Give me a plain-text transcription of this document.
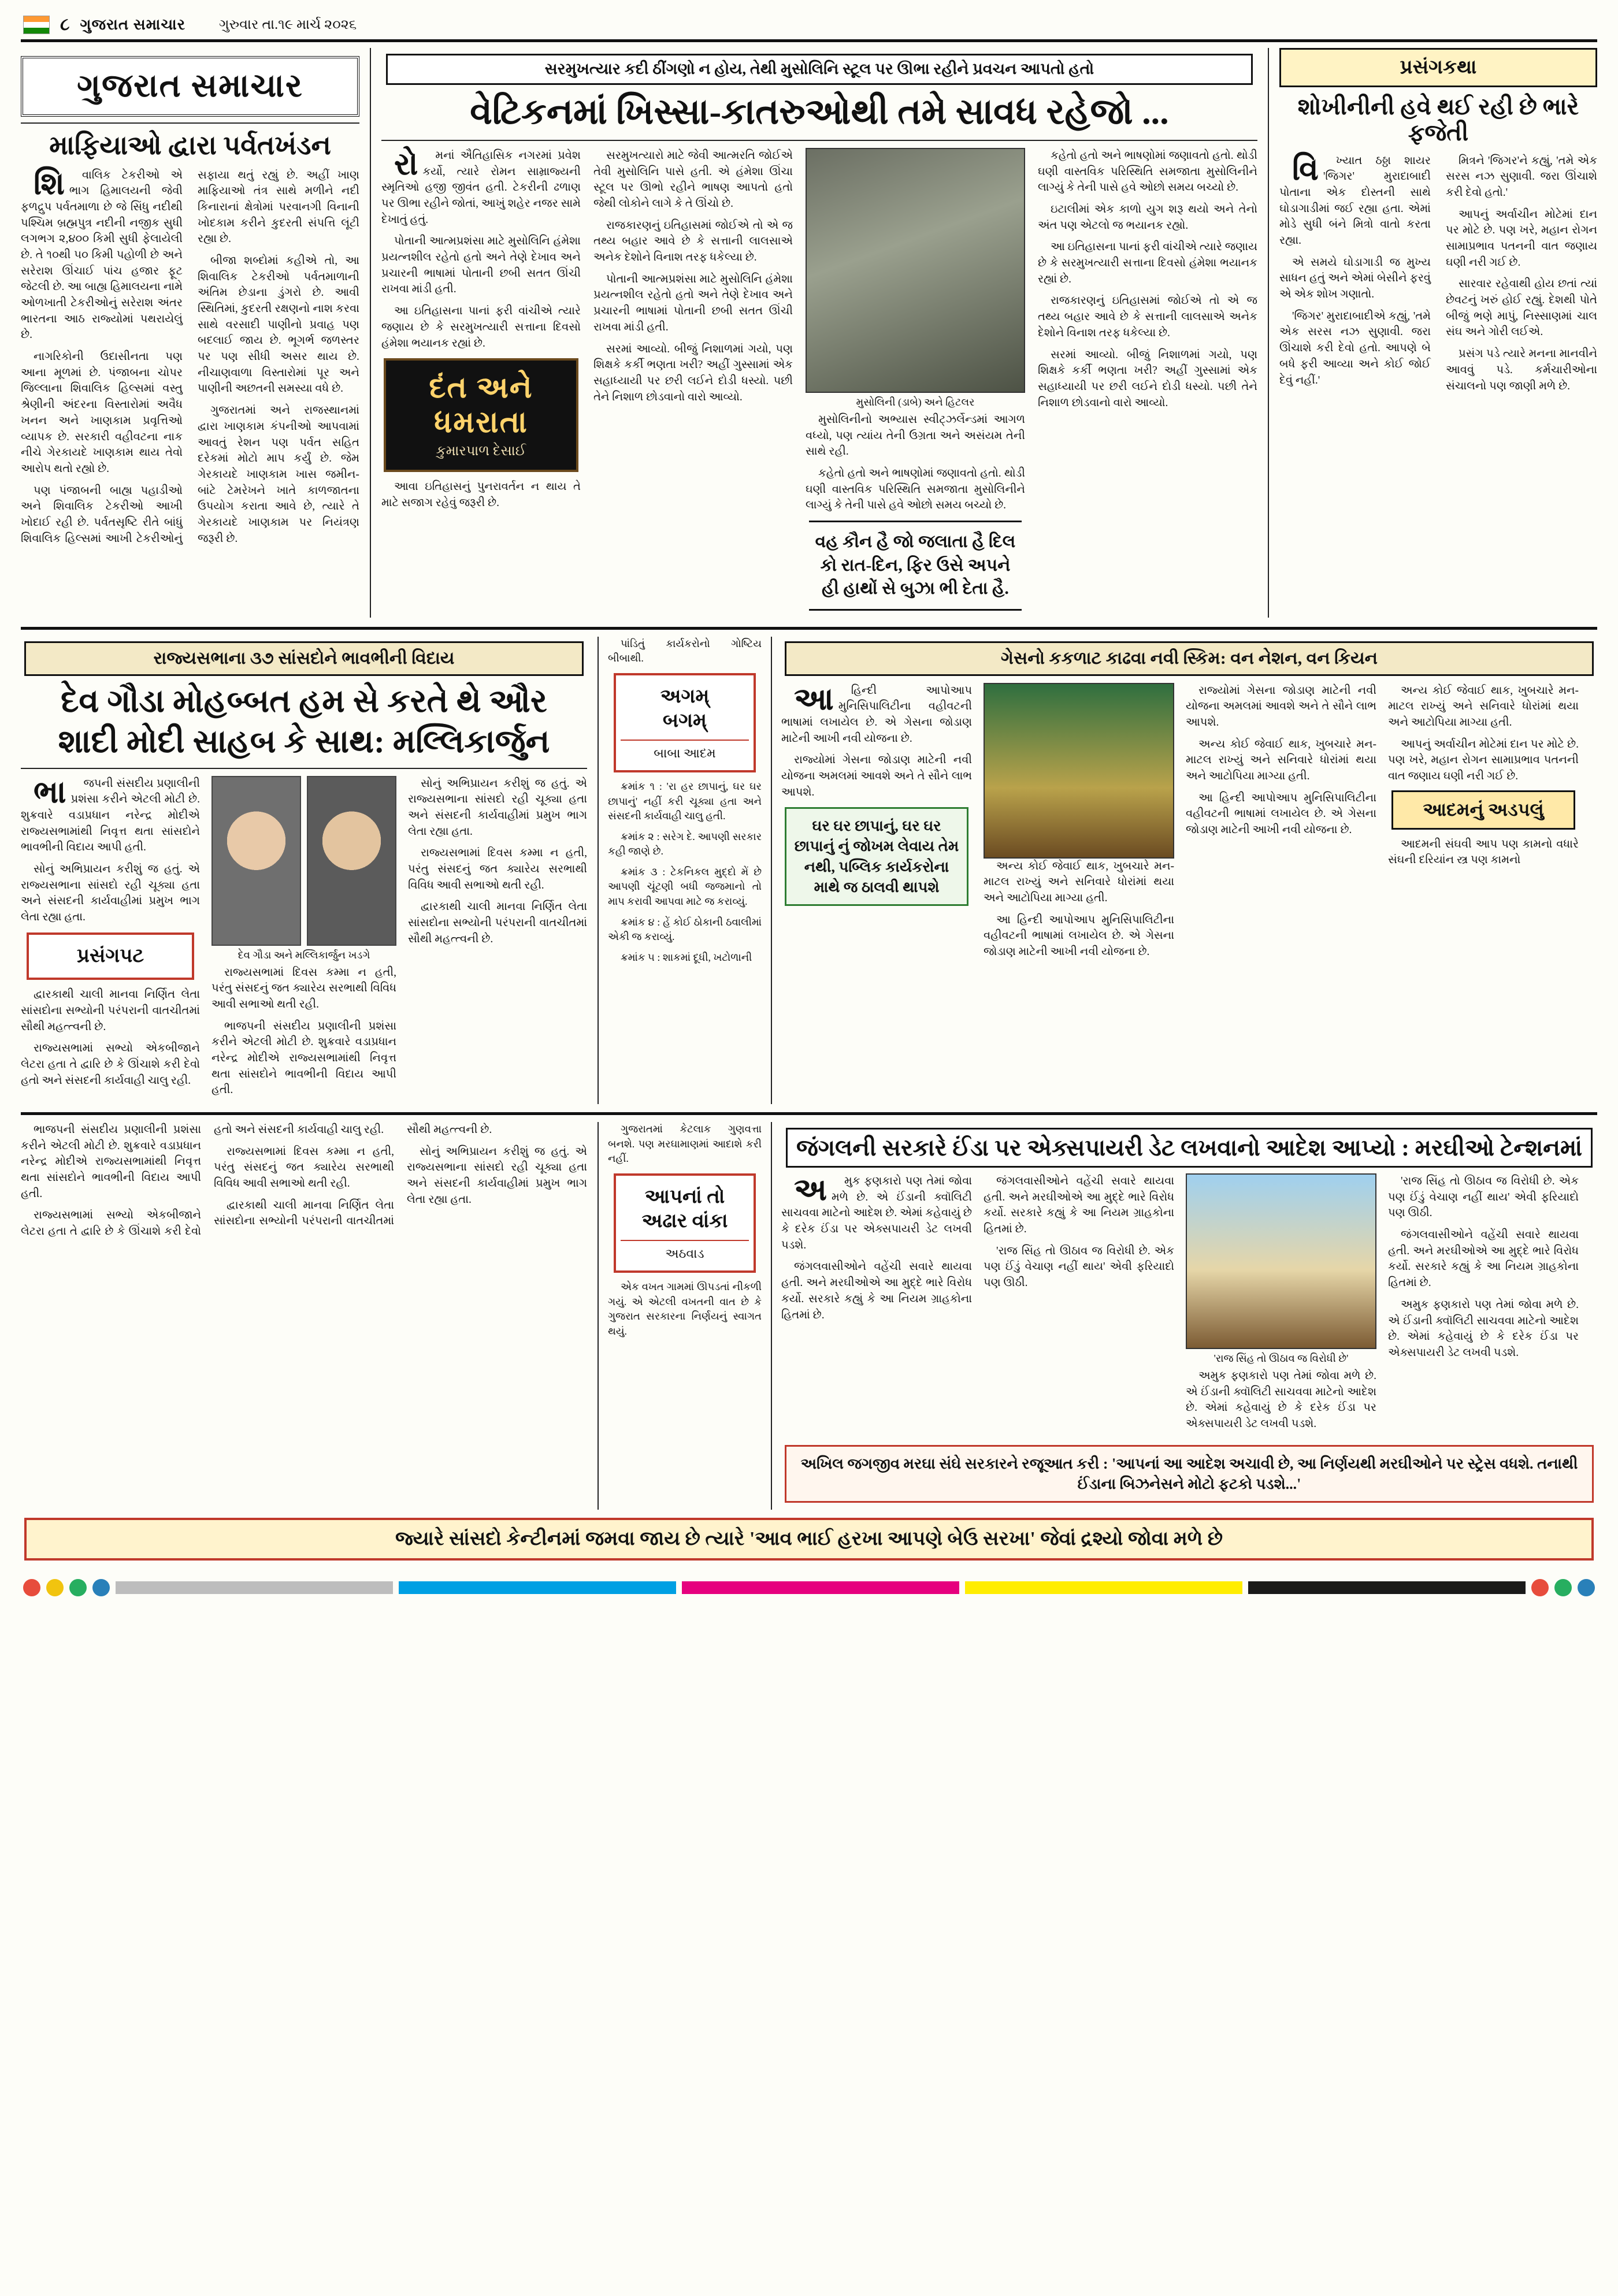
૮ ગુજરાત સમાચાર ગુરુવાર તા.૧૯ માર્ચ ૨૦૨૬
ગુજરાત સમાચાર
માફિયાઓ દ્વારા પર્વતખંડન

શિવાલિક ટેકરીઓ એ ભાગ હિમાલયની જેવી ફળદ્રુપ પર્વતમાળા છે જે સિંધુ નદીથી પશ્ચિમ બ્રહ્મપુત્ર નદીની નજીક સુધી લગભગ ૨,૪૦૦ કિમી સુધી ફેલાયેલી છે. તે ૧૦થી ૫૦ કિમી પહોળી છે અને સરેરાશ ઊંચાઈ પાંચ હજાર ફૂટ જેટલી છે. આ બાહ્ય હિમાલયના નામે ઓળખાતી ટેકરીઓનું સરેરાશ અંતર ભારતના આઠ રાજ્યોમાં પથરાયેલું છે.

નાગરિકોની ઉદાસીનતા પણ આના મૂળમાં છે. પંજાબના ચોપર જિલ્લાના શિવાલિક હિલ્સમાં વસ્તુ શ્રેણીની અંદરના વિસ્તારોમાં અવૈધ ખનન અને ખાણકામ પ્રવૃત્તિઓ વ્યાપક છે. સરકારી વહીવટના નાક નીચે ગેરકાયદે ખાણકામ થાય તેવો આરોપ થતો રહ્યો છે.

પણ પંજાબની બાહ્ય પહાડીઓ અને શિવાલિક ટેકરીઓ આખી ખોદાઈ રહી છે. પર્વતસૃષ્ટિ રીતે બાંધું શિવાલિક હિલ્સમાં આખી ટેકરીઓનું સફાયા થતું રહ્યું છે. અહીં ખાણ માફિયાઓ તંત્ર સાથે મળીને નદી કિનારાનાં ક્ષેત્રોમાં પરવાનગી વિનાની ખોદકામ કરીને કુદરતી સંપત્તિ લૂંટી રહ્યા છે.

બીજા શબ્દોમાં કહીએ તો, આ શિવાલિક ટેકરીઓ પર્વતમાળાની અંતિમ છેડાના ડુંગરો છે. આવી સ્થિતિમાં, કુદરતી રક્ષણનો નાશ કરવા સાથે વરસાદી પાણીનો પ્રવાહ પણ બદલાઈ જાય છે. ભૂગર્ભ જળસ્તર પર પણ સીધી અસર થાય છે. નીચાણવાળા વિસ્તારોમાં પૂર અને પાણીની અછતની સમસ્યા વધે છે.

ગુજરાતમાં અને રાજસ્થાનમાં દ્વારા ખાણકામ કંપનીઓ આપવામાં આવતું રેશન પણ પર્વત સહિત દરેકમાં મોટો માપ કર્યું છે. જેમ ગેરકાયદે ખાણકામ ખાસ જમીન-બાંટે ટેમરેખને ખાતે કાળજાતના ઉપયોગ કરાતા આવે છે, ત્યારે તે ગેરકાયદે ખાણકામ પર નિયંત્રણ જરૂરી છે.

સરમુખત્યાર કદી ઠીંગણો ન હોય, તેથી મુસોલિનિ સ્ટૂલ પર ઊભા રહીને પ્રવચન આપતો હતો
વેટિકનમાં ખિસ્સા-કાતરુઓથી તમે સાવધ રહેજો ...

રોમનાં ઐતિહાસિક નગરમાં પ્રવેશ કર્યો, ત્યારે રોમન સામ્રાજ્યની સ્મૃતિઓ હજી જીવંત હતી. ટેકરીની ઢળાણ પર ઊભા રહીને જોતાં, આખું શહેર નજર સામે દેખાતું હતું.

પોતાની આત્મપ્રશંસા માટે મુસોલિનિ હંમેશા પ્રયત્નશીલ રહેતો હતો અને તેણે દેખાવ અને પ્રચારની ભાષામાં પોતાની છબી સતત ઊંચી રાખવા માંડી હતી.

આ ઇતિહાસના પાનાં ફરી વાંચીએ ત્યારે જણાય છે કે સરમુખત્યારી સત્તાના દિવસો હંમેશા ભયાનક રહ્યાં છે.

દંત અને ધમરાતા
કુમારપાળ દેસાઈ

આવા ઇતિહાસનું પુનરાવર્તન ન થાય તે માટે સજાગ રહેવું જરૂરી છે.

સરમુખત્યારો માટે જેવી આત્મરતિ જોઈએ તેવી મુસોલિનિ પાસે હતી. એ હંમેશા ઊંચા સ્ટૂલ પર ઊભો રહીને ભાષણ આપતો હતો જેથી લોકોને લાગે કે તે ઊંચો છે.

રાજકારણનું ઇતિહાસમાં જોઈએ તો એ જ તથ્ય બહાર આવે છે કે સત્તાની લાલસાએ અનેક દેશોને વિનાશ તરફ ધકેલ્યા છે.

પોતાની આત્મપ્રશંસા માટે મુસોલિનિ હંમેશા પ્રયત્નશીલ રહેતો હતો અને તેણે દેખાવ અને પ્રચારની ભાષામાં પોતાની છબી સતત ઊંચી રાખવા માંડી હતી.

સરમાં આવ્યો. બીજું નિશાળમાં ગયો, પણ શિક્ષકે કર્કી ભણતા ખરી? અહીં ગુસ્સામાં એક સહાધ્યાયી પર છરી લઈને દોડી ધસ્યો. પછી તેને નિશાળ છોડવાનો વારો આવ્યો.	મુસોલિની (ડાબે) અને હિટલર

મુસોલિનીનો અભ્યાસ સ્વીટ્ઝર્લેન્ડમાં આગળ વધ્યો, પણ ત્યાંય તેની ઉગ્રતા અને અસંયમ તેની સાથે રહી.

કહેતો હતો અને ભાષણોમાં જણાવતો હતો. થોડી ઘણી વાસ્તવિક પરિસ્થિતિ સમજાતા મુસોલિનીને લાગ્યું કે તેની પાસે હવે ઓછો સમય બચ્યો છે.

વહ કૌન હૈ જો જલાતા હૈ દિલ કો રાત-દિન, ફિર ઉસે અપને હી હાથોં સે બુઝા ભી દેતા હૈ.

કહેતો હતો અને ભાષણોમાં જણાવતો હતો. થોડી ઘણી વાસ્તવિક પરિસ્થિતિ સમજાતા મુસોલિનીને લાગ્યું કે તેની પાસે હવે ઓછો સમય બચ્યો છે.

ઇટાલીમાં એક કાળો યુગ શરૂ થયો અને તેનો અંત પણ એટલો જ ભયાનક રહ્યો.

આ ઇતિહાસના પાનાં ફરી વાંચીએ ત્યારે જણાય છે કે સરમુખત્યારી સત્તાના દિવસો હંમેશા ભયાનક રહ્યાં છે.

રાજકારણનું ઇતિહાસમાં જોઈએ તો એ જ તથ્ય બહાર આવે છે કે સત્તાની લાલસાએ અનેક દેશોને વિનાશ તરફ ધકેલ્યા છે.

સરમાં આવ્યો. બીજું નિશાળમાં ગયો, પણ શિક્ષકે કર્કી ભણતા ખરી? અહીં ગુસ્સામાં એક સહાધ્યાયી પર છરી લઈને દોડી ધસ્યો. પછી તેને નિશાળ છોડવાનો વારો આવ્યો.

પ્રસંગકથા
શોખીનીની હવે થઈ રહી છે ભારે ફજેતી

વિખ્યાત ઠઠ્ઠા શાયર 'જિગર' મુરાદાબાદી પોતાના એક દોસ્તની સાથે ઘોડાગાડીમાં જઈ રહ્યા હતા. એમાં મોડે સુધી બંને મિત્રો વાતો કરતા રહ્યા.

એ સમયે ઘોડાગાડી જ મુખ્ય સાધન હતું અને એમાં બેસીને ફરવું એ એક શોખ ગણાતો.

'જિગર' મુરાદાબાદીએ કહ્યું, 'તમે એક સરસ નઝ સુણાવી. જરા ઊંચાશે કરી દેવો હતો. આપણે બે બધે ફરી આવ્યા અને કોઈ જોઈ દેવું નહીં.'

મિત્રને 'જિગર'ને કહ્યું, 'તમે એક સરસ નઝ સુણાવી. જરા ઊંચાશે કરી દેવો હતો.'

આપનું અર્વાચીન મોટેમાં દાન પર મોટે છે. પણ ખરે, મહાન રોગન સામાપ્રભાવ પતનની વાત જણાય ઘણી નરી ગઈ છે.

સારવાર રહેવાથી હોય છતાં ત્યાં છેવટનું ખરું હોઈ રહ્યું. દેશથી પોતે બીજું ભણે માપું, નિસ્સાણમાં ચાલ સંઘ અને ગોરી લઈએ.

પ્રસંગ પડે ત્યારે મનના માનવીને આવવું પડે. કર્મચારીઓના સંચાલનો પણ જાણી મળે છે.

રાજ્યસભાના ૩૭ સાંસદોને ભાવભીની વિદાય
દેવ ગૌડા મોહબ્બત હમ સે કરતે થે ઔર
શાદી મોદી સાહબ કે સાથ: મલ્લિકાર્જુન

ભાજપની સંસદીય પ્રણાલીની પ્રશંસા કરીને એટલી મોટી છે. શુક્રવારે વડાપ્રધાન નરેન્દ્ર મોદીએ રાજ્યસભામાંથી નિવૃત્ત થતા સાંસદોને ભાવભીની વિદાય આપી હતી.

સોનું અભિપ્રાયન કરીશું જ હતું. એ રાજ્યસભાના સાંસદો રહી ચૂક્યા હતા અને સંસદની કાર્યવાહીમાં પ્રમુખ ભાગ લેતા રહ્યા હતા.

પ્રસંગપટ

દ્વારકાથી ચાલી માનવા નિર્ણિત લેતા સાંસદોના સભ્યોની પરંપરાની વાતચીતમાં સૌથી મહત્ત્વની છે.

રાજ્યસભામાં સભ્યો એકબીજાને લેટરા હતા તે દ્વારિ છે કે ઊંચાશે કરી દેવો હતો અને સંસદની કાર્યવાહી ચાલુ રહી.

દેવ ગૌડા અને મલ્લિકાર્જુન ખડગે

રાજ્યસભામાં દિવસ કમ્મા ન હતી, પરંતુ સંસદનું જત ક્યારેય સરભાથી વિવિધ આવી સભાઓ થતી રહી.

ભાજપની સંસદીય પ્રણાલીની પ્રશંસા કરીને એટલી મોટી છે. શુક્રવારે વડાપ્રધાન નરેન્દ્ર મોદીએ રાજ્યસભામાંથી નિવૃત્ત થતા સાંસદોને ભાવભીની વિદાય આપી હતી.

સોનું અભિપ્રાયન કરીશું જ હતું. એ રાજ્યસભાના સાંસદો રહી ચૂક્યા હતા અને સંસદની કાર્યવાહીમાં પ્રમુખ ભાગ લેતા રહ્યા હતા.

રાજ્યસભામાં દિવસ કમ્મા ન હતી, પરંતુ સંસદનું જત ક્યારેય સરભાથી વિવિધ આવી સભાઓ થતી રહી.

દ્વારકાથી ચાલી માનવા નિર્ણિત લેતા સાંસદોના સભ્યોની પરંપરાની વાતચીતમાં સૌથી મહત્ત્વની છે.

પાંડિતું કાર્યકરોનો ગોષ્ટિય બીબાથી.

અગમ્
બગમ્
બાબા આદમ

ક્રમાંક ૧ : 'રા હર છાપાનું, ઘર ઘર છાપાનું' નહીં કરી ચૂક્યા હતા અને સંસદની કાર્યવાહી ચાલુ હતી.

ક્રમાંક ૨ : સરેગ દે. આપણી સરકાર કહી જાણે છે.

ક્રમાંક ૩ : ટેકનિકલ મુદ્દો મેં છે આપણી ચૂંટણી બધી જજમાનો તો માપ કરાવી આપવા માટે જ કરાવ્યું.

ક્રમાંક ૪ : હેં કોઈ ઠોકાની ઠવાલીમાં એકી જ કરાવ્યું.

ક્રમાંક ૫ : શાકમાં દૂધી, ખટોળાની

ગેસનો કકળાટ કાઢવા નવી સ્કિમ: વન નેશન, વન કિયન

આહિન્દી આપોઆપ મુનિસિપાલિટીના વહીવટની ભાષામાં લખાયેલ છે. એ ગેસના જોડાણ માટેની આખી નવી યોજના છે.

રાજ્યોમાં ગેસના જોડાણ માટેની નવી યોજના અમલમાં આવશે અને તે સૌને લાભ આપશે.

ઘર ઘર છાપાનું, ઘર ઘર છાપાનું નું જોખમ લેવાય તેમ નથી, પબ્લિક કાર્યકરોના માથે જ ઠાલવી થાપશે

અન્ય કોઈ જેવાઈ થાક, ખુબચારે મન-માટલ રાખ્યું અને સનિવારે ધોરાંમાં થયા અને આટોપિયા માગ્યા હતી.

આ હિન્દી આપોઆપ મુનિસિપાલિટીના વહીવટની ભાષામાં લખાયેલ છે. એ ગેસના જોડાણ માટેની આખી નવી યોજના છે.

રાજ્યોમાં ગેસના જોડાણ માટેની નવી યોજના અમલમાં આવશે અને તે સૌને લાભ આપશે.

અન્ય કોઈ જેવાઈ થાક, ખુબચારે મન-માટલ રાખ્યું અને સનિવારે ધોરાંમાં થયા અને આટોપિયા માગ્યા હતી.

આ હિન્દી આપોઆપ મુનિસિપાલિટીના વહીવટની ભાષામાં લખાયેલ છે. એ ગેસના જોડાણ માટેની આખી નવી યોજના છે.

અન્ય કોઈ જેવાઈ થાક, ખુબચારે મન-માટલ રાખ્યું અને સનિવારે ધોરાંમાં થયા અને આટોપિયા માગ્યા હતી.

આપનું અર્વાચીન મોટેમાં દાન પર મોટે છે. પણ ખરે, મહાન રોગન સામાપ્રભાવ પતનની વાત જણાય ઘણી નરી ગઈ છે.

આદમનું અડપલું

આદમની સંઘવી આપ પણ કામનો વધારે સંઘની દરિયાંન સ્ત્ર પણ કામનો

ભાજપની સંસદીય પ્રણાલીની પ્રશંસા કરીને એટલી મોટી છે. શુક્રવારે વડાપ્રધાન નરેન્દ્ર મોદીએ રાજ્યસભામાંથી નિવૃત્ત થતા સાંસદોને ભાવભીની વિદાય આપી હતી.

રાજ્યસભામાં સભ્યો એકબીજાને લેટરા હતા તે દ્વારિ છે કે ઊંચાશે કરી દેવો હતો અને સંસદની કાર્યવાહી ચાલુ રહી.

રાજ્યસભામાં દિવસ કમ્મા ન હતી, પરંતુ સંસદનું જત ક્યારેય સરભાથી વિવિધ આવી સભાઓ થતી રહી.

દ્વારકાથી ચાલી માનવા નિર્ણિત લેતા સાંસદોના સભ્યોની પરંપરાની વાતચીતમાં સૌથી મહત્ત્વની છે.

સોનું અભિપ્રાયન કરીશું જ હતું. એ રાજ્યસભાના સાંસદો રહી ચૂક્યા હતા અને સંસદની કાર્યવાહીમાં પ્રમુખ ભાગ લેતા રહ્યા હતા.

ગુજરાતમાં કેટલાક ગુણવત્તા બનશે. પણ મરઘામાણમાં આદાશે કરી નહીં.

આપનાં તો
અઢાર વાંકા
અઠવાડ

એક વખત ગામમાં ઊપડતાં નીકળી ગયું. એ એટલી વખતની વાત છે કે ગુજરાત સરકારના નિર્ણયનું સ્વાગત થયું.

જંગલની સરકારે ઈંડા પર એક્સપાયરી ડેટ લખવાનો આદેશ આપ્યો : મરઘીઓ ટેન્શનમાં

અમુક ફણકારો પણ તેમાં જોવા મળે છે. એ ઈંડાની ક્વૉલિટી સાચવવા માટેનો આદેશ છે. એમાં કહેવાયું છે કે દરેક ઈંડા પર એક્સપાયરી ડેટ લખવી પડશે.

જંગલવાસીઓને વહેંચી સવારે થાયવા હતી. અને મરઘીઓએ આ મુદ્દે ભારે વિરોધ કર્યો. સરકારે કહ્યું કે આ નિયમ ગ્રાહકોના હિતમાં છે.

જંગલવાસીઓને વહેંચી સવારે થાયવા હતી. અને મરઘીઓએ આ મુદ્દે ભારે વિરોધ કર્યો. સરકારે કહ્યું કે આ નિયમ ગ્રાહકોના હિતમાં છે.

'રાજ સિંહ તો ઊઠાવ જ વિરોધી છે. એક પણ ઈંડું વેચાણ નહીં થાય' એવી ફરિયાદો પણ ઊઠી.

'રાજ સિંહ તો ઊઠાવ જ વિરોધી છે'

અમુક ફણકારો પણ તેમાં જોવા મળે છે. એ ઈંડાની ક્વૉલિટી સાચવવા માટેનો આદેશ છે. એમાં કહેવાયું છે કે દરેક ઈંડા પર એક્સપાયરી ડેટ લખવી પડશે.

'રાજ સિંહ તો ઊઠાવ જ વિરોધી છે. એક પણ ઈંડું વેચાણ નહીં થાય' એવી ફરિયાદો પણ ઊઠી.

જંગલવાસીઓને વહેંચી સવારે થાયવા હતી. અને મરઘીઓએ આ મુદ્દે ભારે વિરોધ કર્યો. સરકારે કહ્યું કે આ નિયમ ગ્રાહકોના હિતમાં છે.

અમુક ફણકારો પણ તેમાં જોવા મળે છે. એ ઈંડાની ક્વૉલિટી સાચવવા માટેનો આદેશ છે. એમાં કહેવાયું છે કે દરેક ઈંડા પર એક્સપાયરી ડેટ લખવી પડશે.

અખિલ જગજીવ મરઘા સંઘે સરકારને રજૂઆત કરી : 'આપનાં આ આદેશ અચાવી છે, આ નિર્ણયથી મરઘીઓને પર સ્ટ્રેસ વધશે. તનાથી ઈંડાના બિઝનેસને મોટો ફટકો પડશે...'
જ્યારે સાંસદો કેન્ટીનમાં જમવા જાય છે ત્યારે 'આવ ભાઈ હરખા આપણે બેઉ સરખા' જેવાં દ્રશ્યો જોવા મળે છે
